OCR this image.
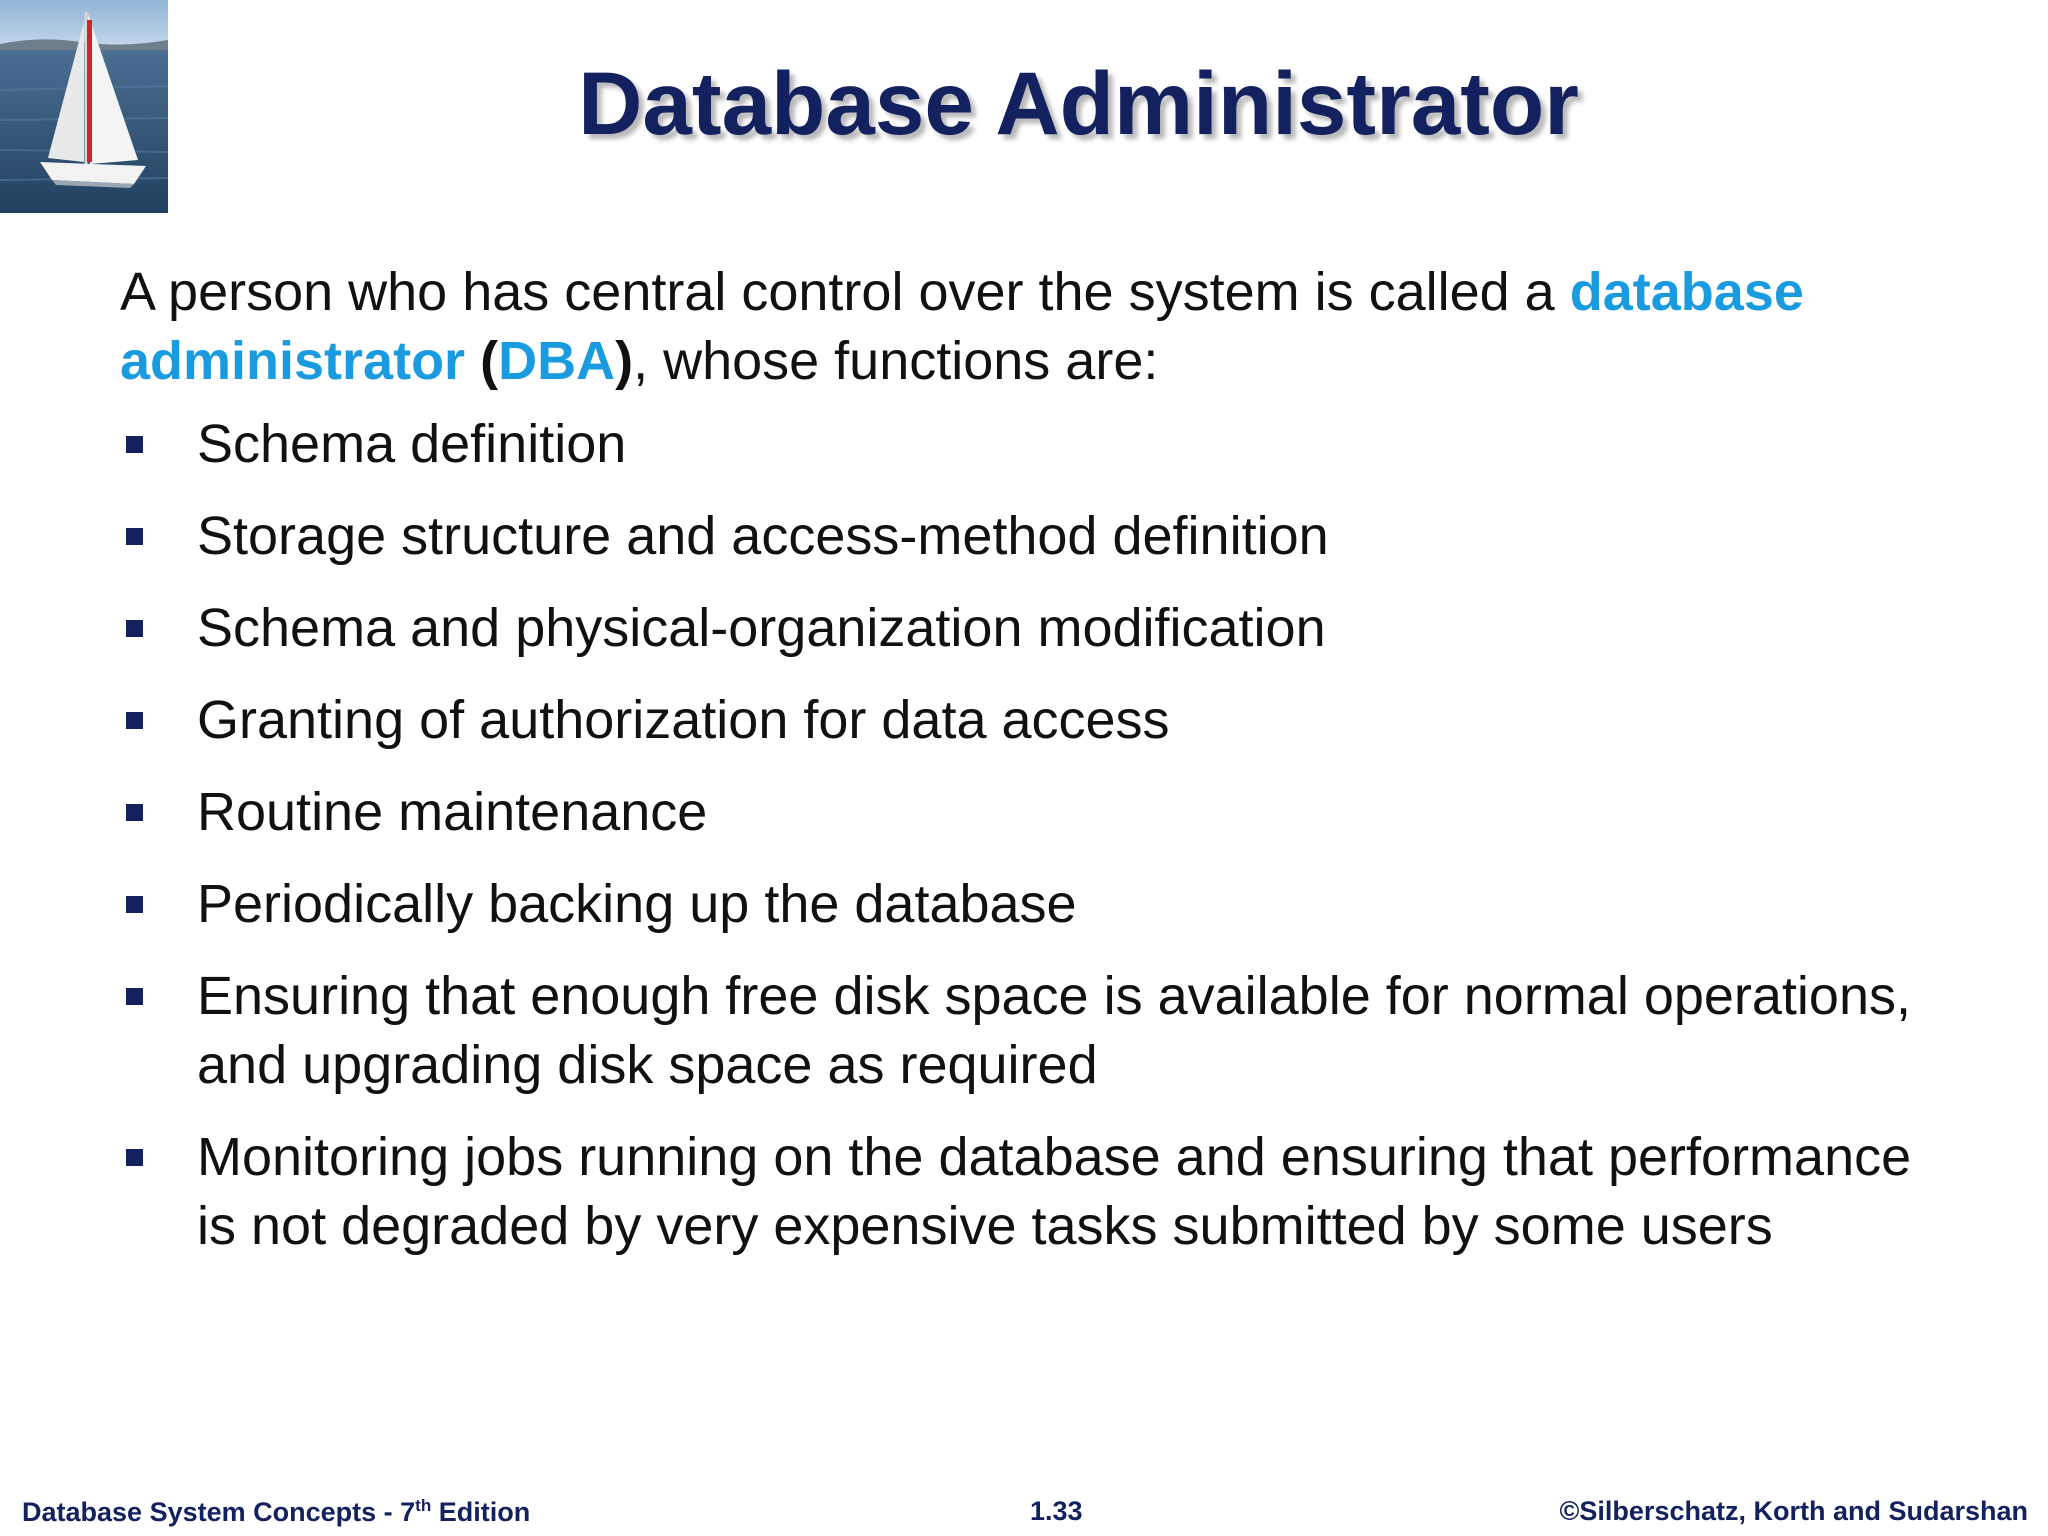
Database Administrator

A person who has central control over the system is called a database
administrator (DBA), whose functions are:

Schema definition
Storage structure and access-method definition
Schema and physical-organization modification
Granting of authorization for data access
Routine maintenance
Periodically backing up the database
Ensuring that enough free disk space is available for normal operations, and upgrading disk space as required
Monitoring jobs running on the database and ensuring that performance is not degraded by very expensive tasks submitted by some users
Database System Concepts - 7th Edition	1.33	©Silberschatz, Korth and Sudarshan
